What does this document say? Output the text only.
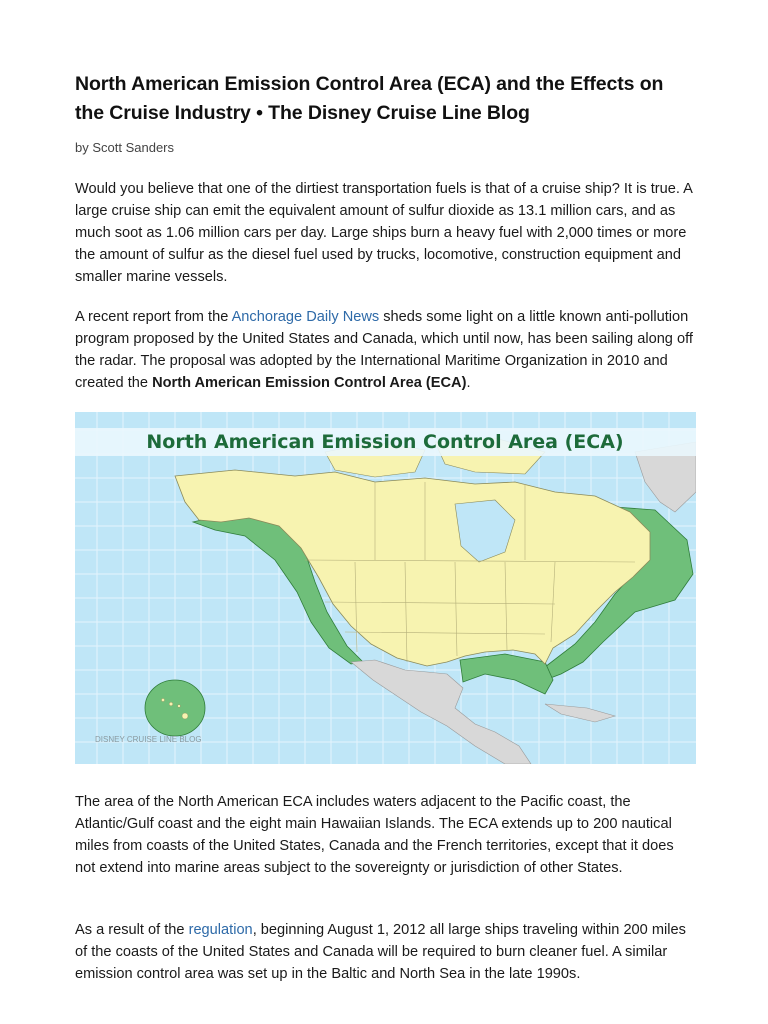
North American Emission Control Area (ECA) and the Effects on the Cruise Industry • The Disney Cruise Line Blog
by Scott Sanders

Would you believe that one of the dirtiest transportation fuels is that of a cruise ship? It is true. A large cruise ship can emit the equivalent amount of sulfur dioxide as 13.1 million cars, and as much soot as 1.06 million cars per day. Large ships burn a heavy fuel with 2,000 times or more the amount of sulfur as the diesel fuel used by trucks, locomotive, construction equipment and smaller marine vessels.

A recent report from the Anchorage Daily News sheds some light on a little known anti-pollution program proposed by the United States and Canada, which until now, has been sailing along off the radar. The proposal was adopted by the International Maritime Organization in 2010 and created the North American Emission Control Area (ECA).

North American Emission Control Area (ECA)
DISNEY CRUISE LINE BLOG

The area of the North American ECA includes waters adjacent to the Pacific coast, the Atlantic/Gulf coast and the eight main Hawaiian Islands. The ECA extends up to 200 nautical miles from coasts of the United States, Canada and the French territories, except that it does not extend into marine areas subject to the sovereignty or jurisdiction of other States.

As a result of the regulation, beginning August 1, 2012 all large ships traveling within 200 miles of the coasts of the United States and Canada will be required to burn cleaner fuel. A similar emission control area was set up in the Baltic and North Sea in the late 1990s.
